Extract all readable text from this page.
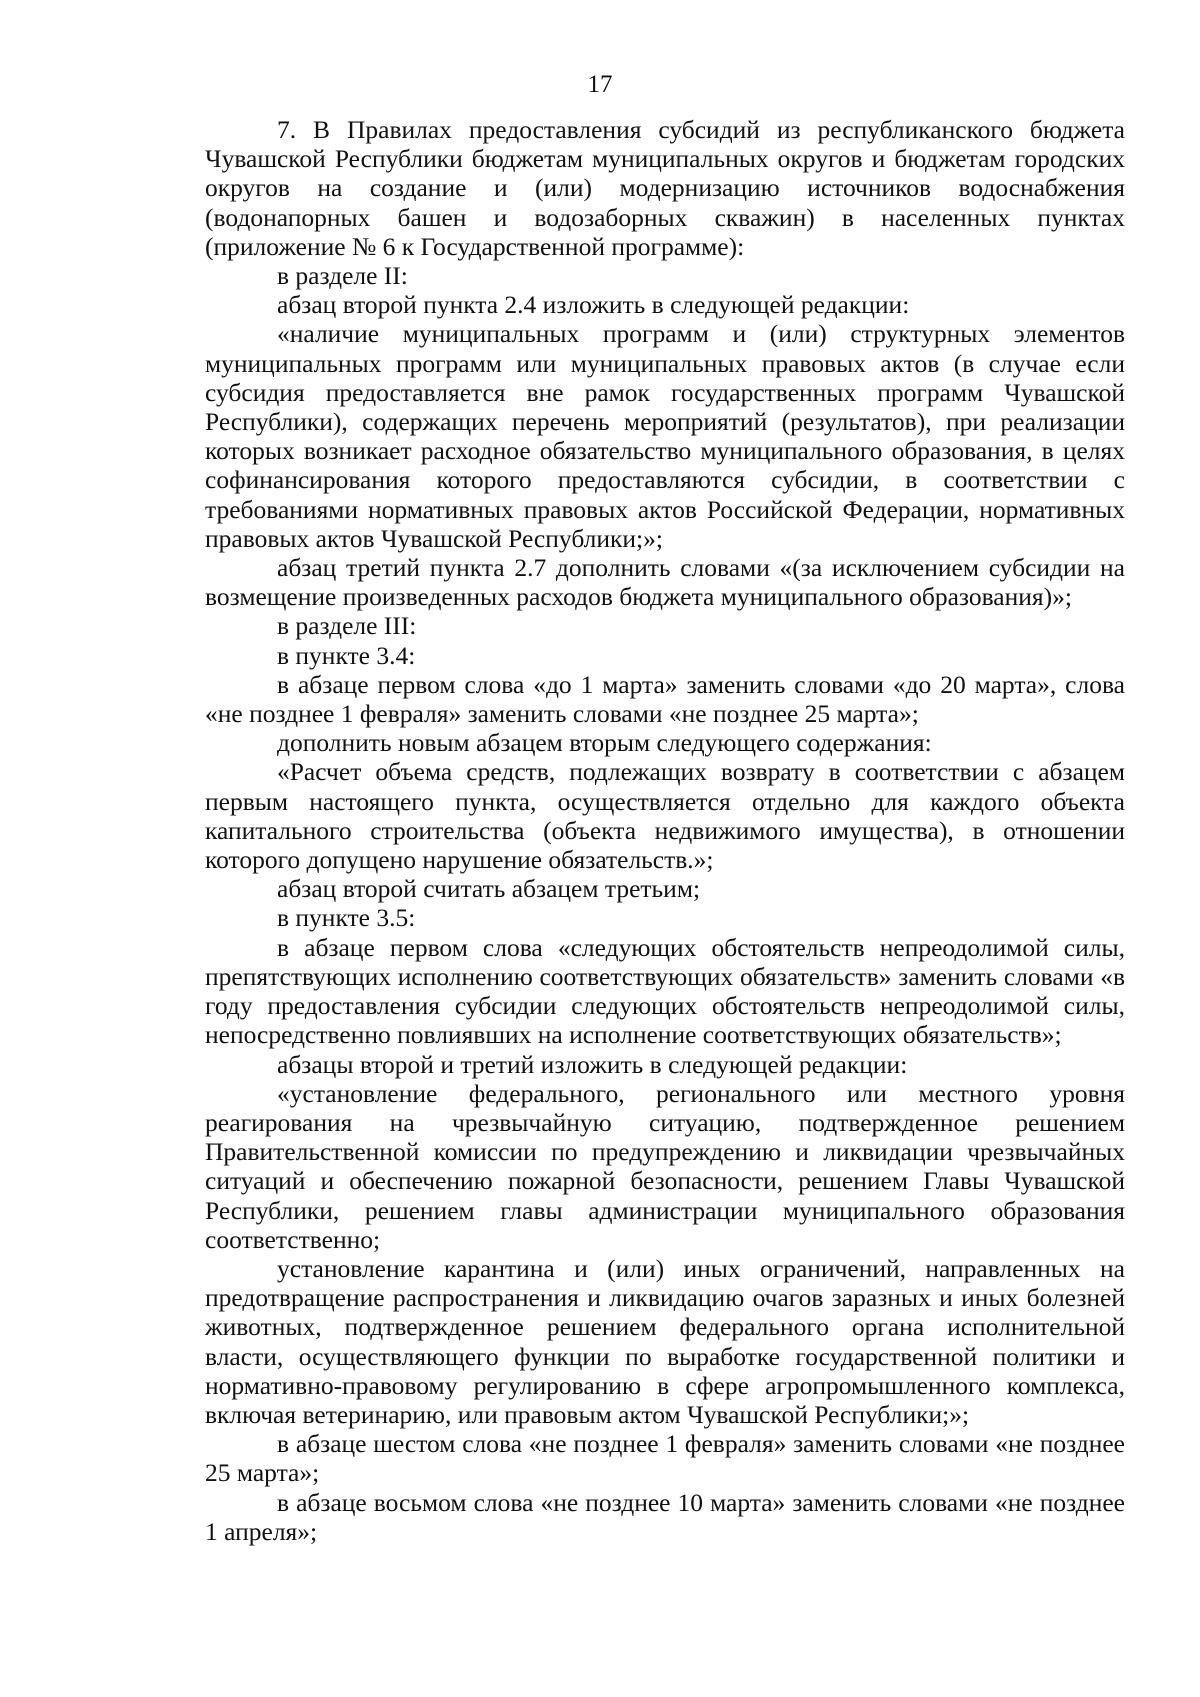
17

7. В Правилах предоставления субсидий из республиканского бюджета Чувашской Республики бюджетам муниципальных округов и бюджетам городских округов на создание и (или) модернизацию источников водоснабжения (водонапорных башен и водозаборных скважин) в населенных пунктах (приложение № 6 к Государственной программе):

в разделе II:

абзац второй пункта 2.4 изложить в следующей редакции:

«наличие муниципальных программ и (или) структурных элементов муниципальных программ или муниципальных правовых актов (в случае если субсидия предоставляется вне рамок государственных программ Чувашской Республики), содержащих перечень мероприятий (результатов), при реализации которых возникает расходное обязательство муниципального образования, в целях софинансирования которого предоставляются субсидии, в соответствии с требованиями нормативных правовых актов Российской Федерации, нормативных правовых актов Чувашской Республики;»;

абзац третий пункта 2.7 дополнить словами «(за исключением субсидии на возмещение произведенных расходов бюджета муниципального образования)»;

в разделе III:

в пункте 3.4:

в абзаце первом слова «до 1 марта» заменить словами «до 20 марта», слова «не позднее 1 февраля» заменить словами «не позднее 25 марта»;

дополнить новым абзацем вторым следующего содержания:

«Расчет объема средств, подлежащих возврату в соответствии с абзацем первым настоящего пункта, осуществляется отдельно для каждого объекта капитального строительства (объекта недвижимого имущества), в отношении которого допущено нарушение обязательств.»;

абзац второй считать абзацем третьим;

в пункте 3.5:

в абзаце первом слова «следующих обстоятельств непреодолимой силы, препятствующих исполнению соответствующих обязательств» заменить словами «в году предоставления субсидии следующих обстоятельств непреодолимой силы, непосредственно повлиявших на исполнение соответствующих обязательств»;

абзацы второй и третий изложить в следующей редакции:

«установление федерального, регионального или местного уровня реагирования на чрезвычайную ситуацию, подтвержденное решением Правительственной комиссии по предупреждению и ликвидации чрезвычайных ситуаций и обеспечению пожарной безопасности, решением Главы Чувашской Республики, решением главы администрации муниципального образования соответственно;

установление карантина и (или) иных ограничений, направленных на предотвращение распространения и ликвидацию очагов заразных и иных болезней животных, подтвержденное решением федерального органа исполнительной власти, осуществляющего функции по выработке государственной политики и нормативно-правовому регулированию в сфере агропромышленного комплекса, включая ветеринарию, или правовым актом Чувашской Республики;»;

в абзаце шестом слова «не позднее 1 февраля» заменить словами «не позднее 25 марта»;

в абзаце восьмом слова «не позднее 10 марта» заменить словами «не позднее 1 апреля»;
